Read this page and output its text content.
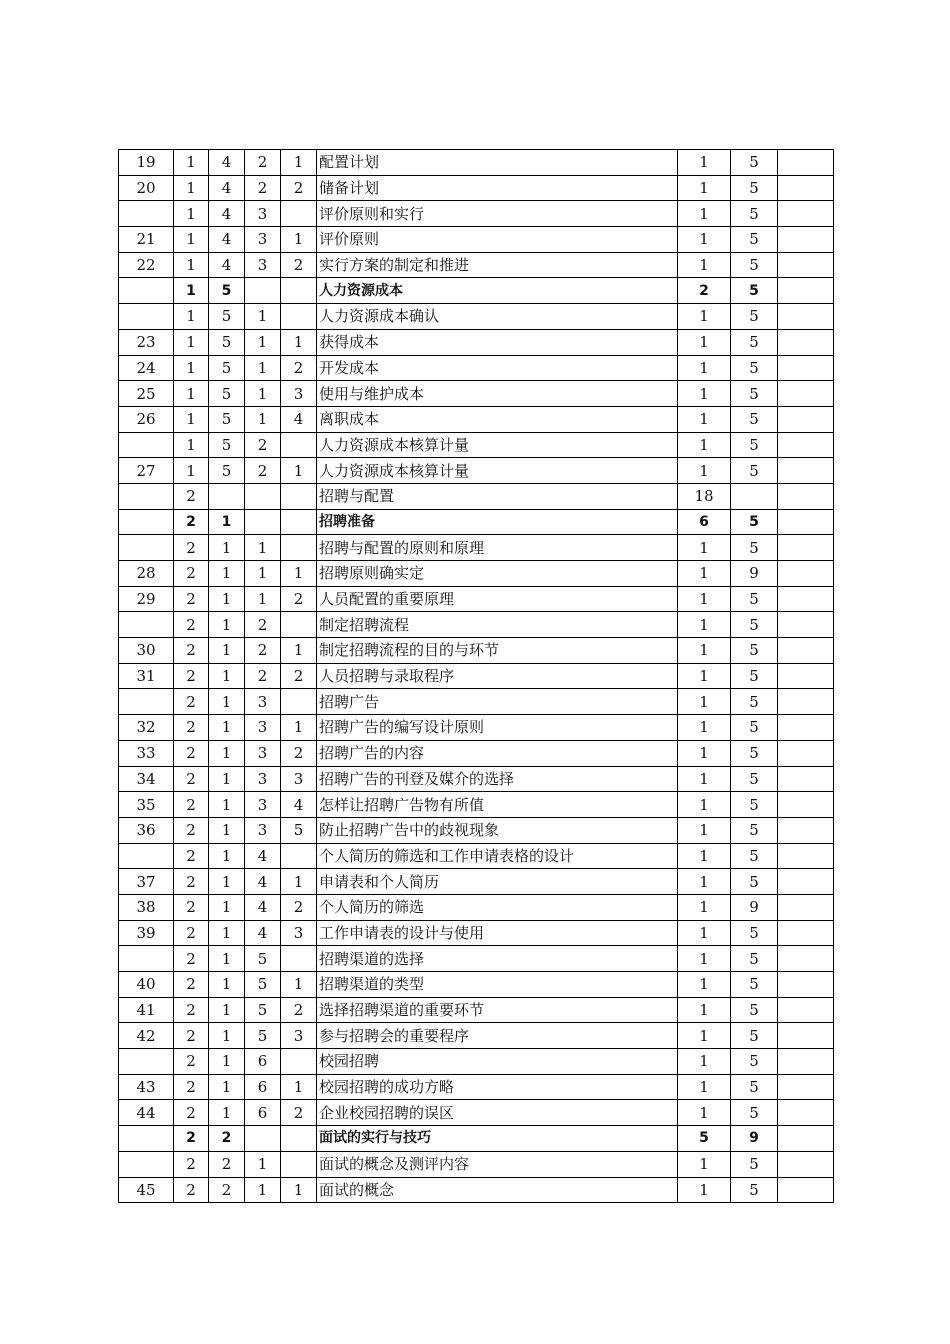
19	1	4	2	1	配置计划	1	5	
20	1	4	2	2	储备计划	1	5	
	1	4	3		评价原则和实行	1	5	
21	1	4	3	1	评价原则	1	5	
22	1	4	3	2	实行方案的制定和推进	1	5	
	1	5			人力资源成本	2	5	
	1	5	1		人力资源成本确认	1	5	
23	1	5	1	1	获得成本	1	5	
24	1	5	1	2	开发成本	1	5	
25	1	5	1	3	使用与维护成本	1	5	
26	1	5	1	4	离职成本	1	5	
	1	5	2		人力资源成本核算计量	1	5	
27	1	5	2	1	人力资源成本核算计量	1	5	
	2				招聘与配置	18		
	2	1			招聘准备	6	5	
	2	1	1		招聘与配置的原则和原理	1	5	
28	2	1	1	1	招聘原则确实定	1	9	
29	2	1	1	2	人员配置的重要原理	1	5	
	2	1	2		制定招聘流程	1	5	
30	2	1	2	1	制定招聘流程的目的与环节	1	5	
31	2	1	2	2	人员招聘与录取程序	1	5	
	2	1	3		招聘广告	1	5	
32	2	1	3	1	招聘广告的编写设计原则	1	5	
33	2	1	3	2	招聘广告的内容	1	5	
34	2	1	3	3	招聘广告的刊登及媒介的选择	1	5	
35	2	1	3	4	怎样让招聘广告物有所值	1	5	
36	2	1	3	5	防止招聘广告中的歧视现象	1	5	
	2	1	4		个人简历的筛选和工作申请表格的设计	1	5	
37	2	1	4	1	申请表和个人简历	1	5	
38	2	1	4	2	个人简历的筛选	1	9	
39	2	1	4	3	工作申请表的设计与使用	1	5	
	2	1	5		招聘渠道的选择	1	5	
40	2	1	5	1	招聘渠道的类型	1	5	
41	2	1	5	2	选择招聘渠道的重要环节	1	5	
42	2	1	5	3	参与招聘会的重要程序	1	5	
	2	1	6		校园招聘	1	5	
43	2	1	6	1	校园招聘的成功方略	1	5	
44	2	1	6	2	企业校园招聘的误区	1	5	
	2	2			面试的实行与技巧	5	9	
	2	2	1		面试的概念及测评内容	1	5	
45	2	2	1	1	面试的概念	1	5	
